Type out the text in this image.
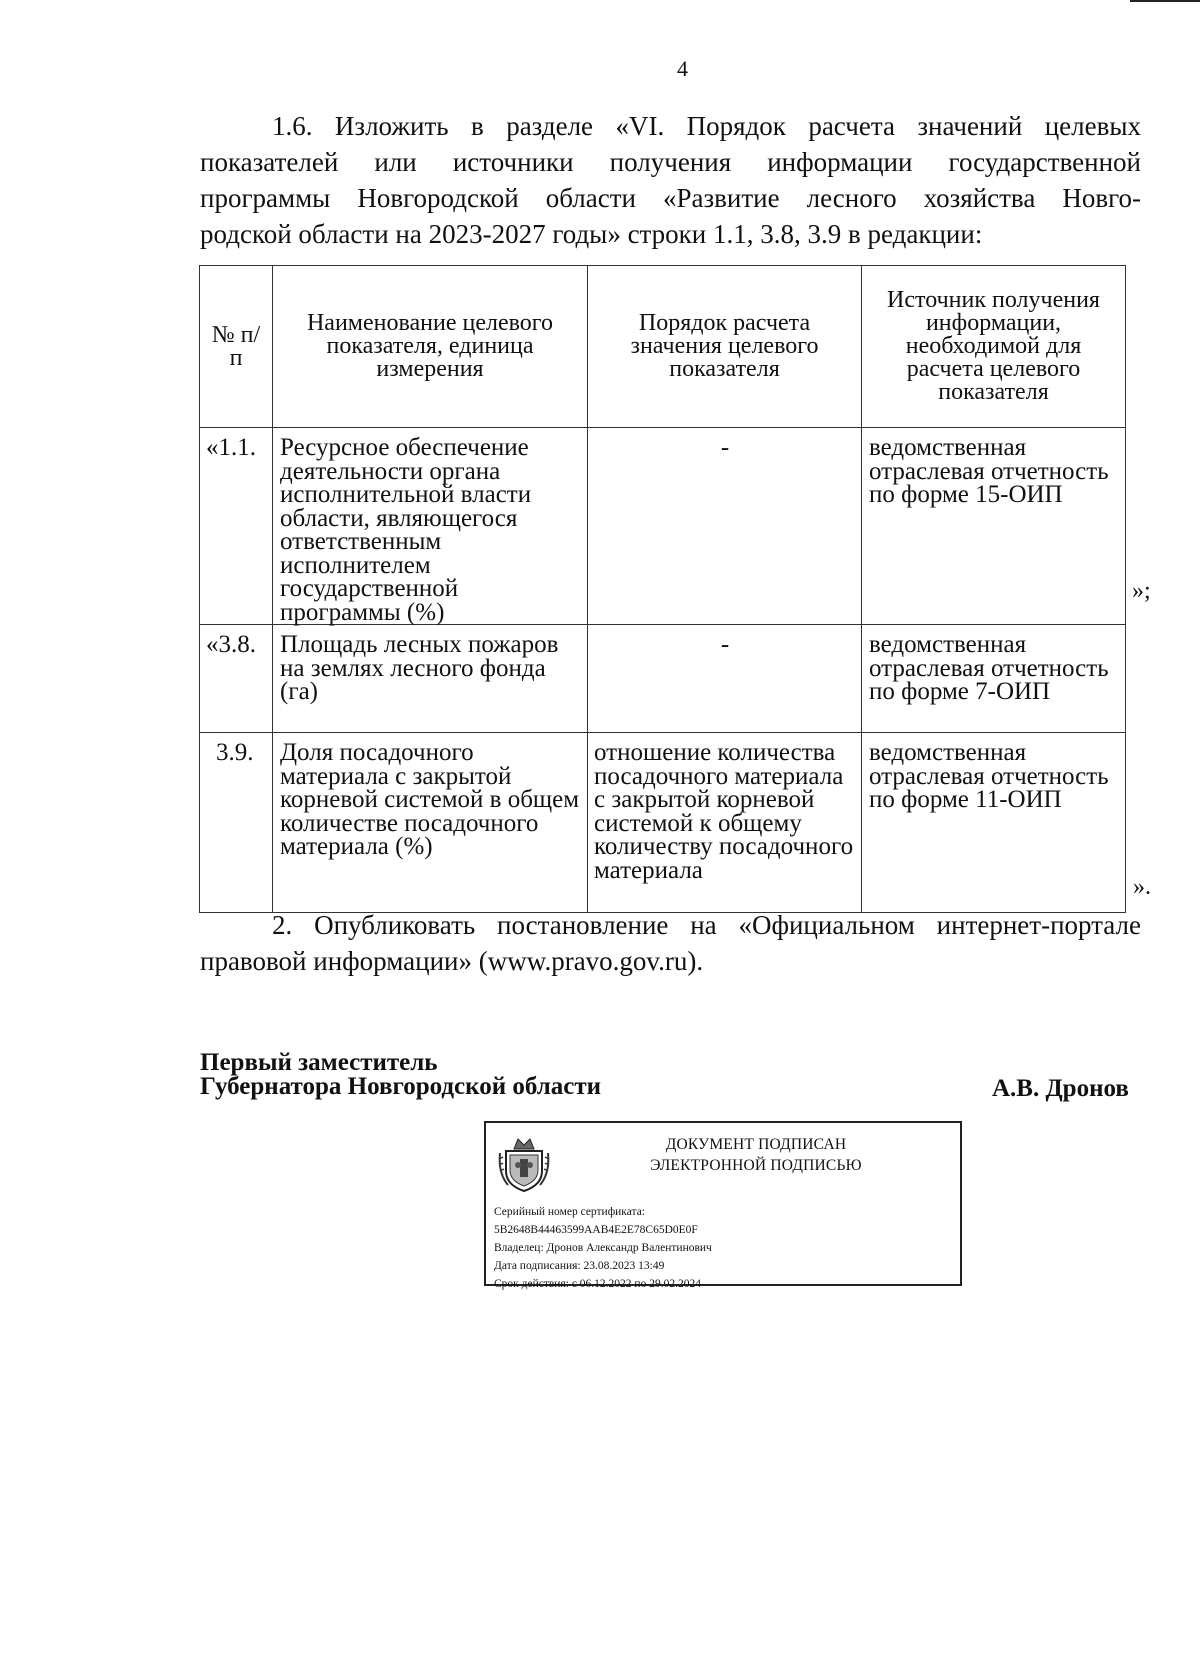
4
1.6. Изложить в разделе «VI. Порядок расчета значений целевых
показателей или источники получения информации государственной
программы Новгородской области «Развитие лесного хозяйства Новго-
родской области на 2023-2027 годы» строки 1.1, 3.8, 3.9 в редакции:
№ п/п	Наименование целевого показателя, единица измерения	Порядок расчета значения целевого показателя	Источник получения информации, необходимой для расчета целевого показателя
«1.1.	Ресурсное обеспечение деятельности органа исполнительной власти области, являющегося ответственным исполнителем государственной программы (%)	-	ведомственная отраслевая отчетность по форме 15-ОИП
«3.8.	Площадь лесных пожаров на землях лесного фонда (га)	-	ведомственная отраслевая отчетность по форме 7-ОИП
3.9.	Доля посадочного материала с закрытой корневой системой в общем количестве посадочного материала (%)	отношение количества посадочного материала с закрытой корневой системой к общему количеству посадочного материала	ведомственная отраслевая отчетность по форме 11-ОИП
»;
».
2. Опубликовать постановление на «Официальном интернет-портале
правовой информации» (www.pravo.gov.ru).
Первый заместитель
Губернатора Новгородской области	А.В. Дронов
ДОКУМЕНТ ПОДПИСАН
ЭЛЕКТРОННОЙ ПОДПИСЬЮ
Серийный номер сертификата:
5B2648B44463599AAB4E2E78C65D0E0F
Владелец: Дронов Александр Валентинович
Дата подписания: 23.08.2023 13:49
Срок действия: с 06.12.2022 по 29.02.2024
